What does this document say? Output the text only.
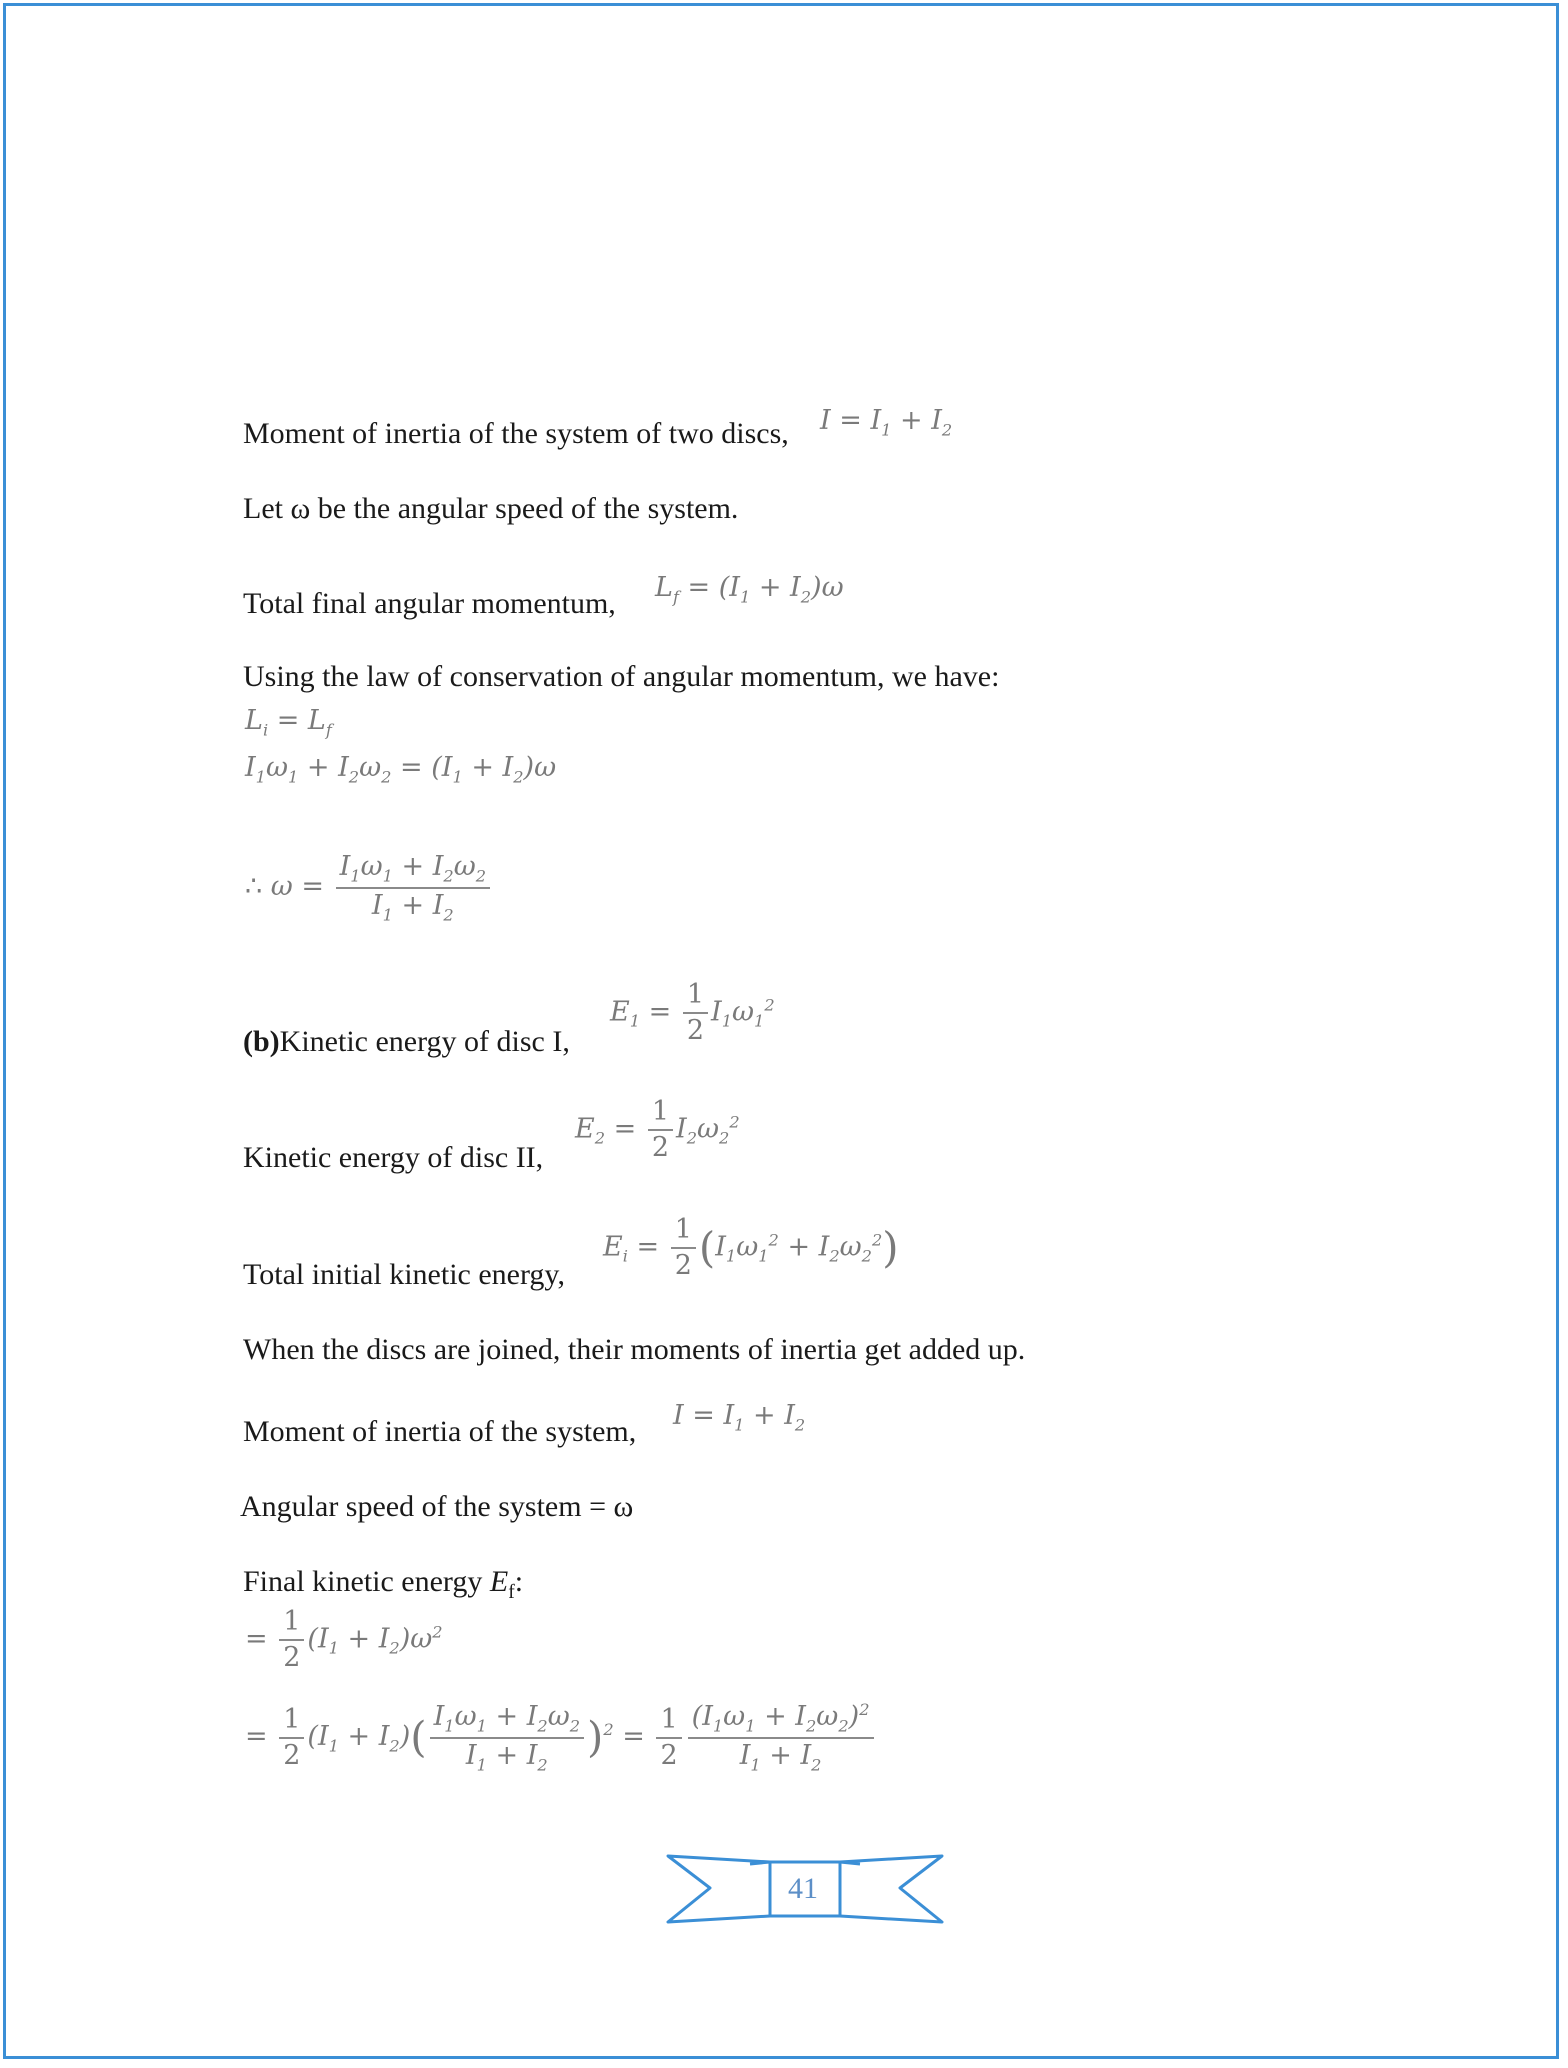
Moment of inertia of the system of two discs, $I = I_1 + I_2$
Let ω be the angular speed of the system.
Total final angular momentum, $L_f = (I_1 + I_2)\omega$
Using the law of conservation of angular momentum, we have:
$L_i = L_f$
$I_1\omega_1 + I_2\omega_2 = (I_1 + I_2)\omega$
∴ $\omega = \frac{I_1\omega_1 + I_2\omega_2}{I_1 + I_2}$
(b)Kinetic energy of disc I,
$E_1 = \frac{1}{2} I_1\omega_1^2$
Kinetic energy of disc II,
$E_2 = \frac{1}{2} I_2\omega_2^2$
Total initial kinetic energy,
$E_i = \frac{1}{2} (I_1\omega_1^2 + I_2\omega_2^2)$
When the discs are joined, their moments of inertia get added up.
Moment of inertia of the system, $I = I_1 + I_2$
Angular speed of the system = ω
Final kinetic energy $E_f$:
= $\frac{1}{2} (I_1 + I_2)\omega^2$
= $\frac{1}{2} (I_1 + I_2)( \frac{I_1\omega_1 + I_2\omega_2}{I_1 + I_2} )^2 = \frac{1}{2} \frac{(I_1\omega_1 + I_2\omega_2)^2}{I_1 + I_2}$
41
